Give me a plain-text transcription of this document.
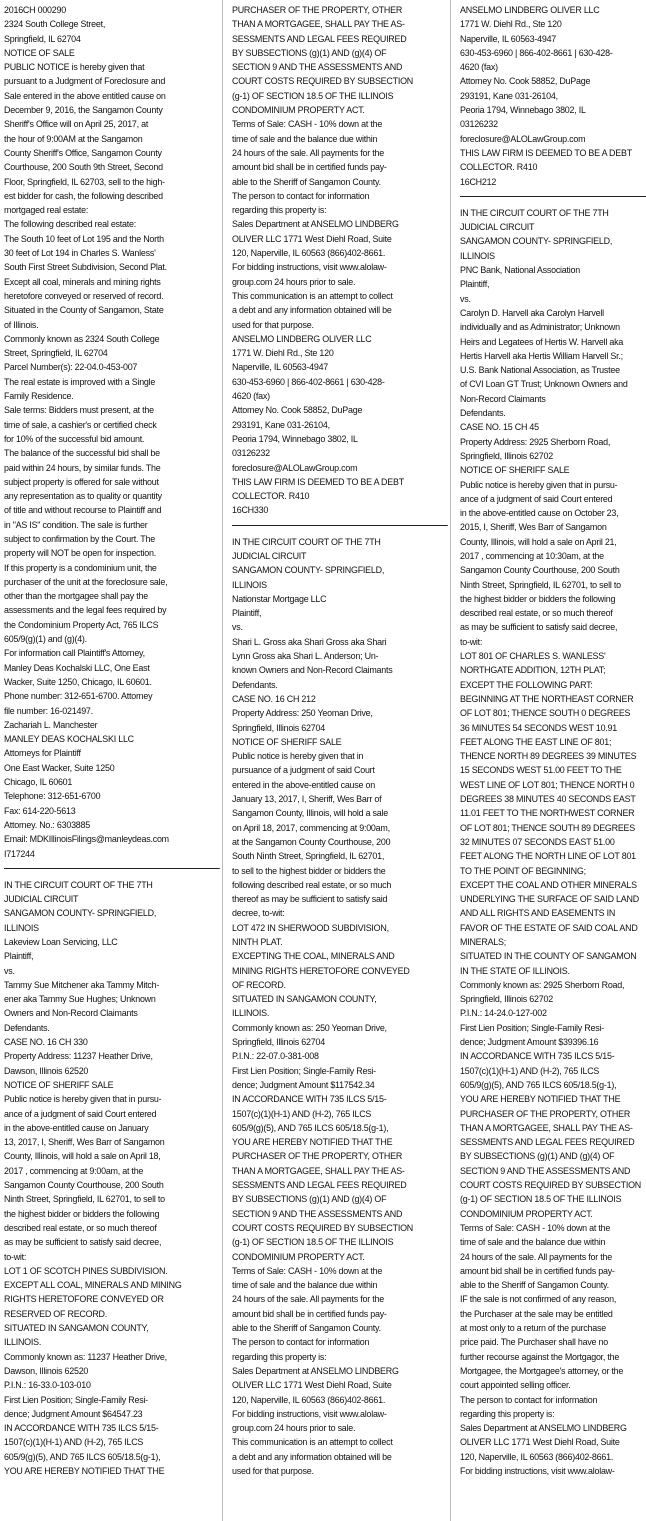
2016CH 000290
2324 South College Street,
Springfield, IL 62704
NOTICE OF SALE
PUBLIC NOTICE is hereby given that
pursuant to a Judgment of Foreclosure and
Sale entered in the above entitled cause on
December 9, 2016, the Sangamon County
Sheriff's Office will on April 25, 2017, at
the hour of 9:00AM at the Sangamon
County Sheriff's Office, Sangamon County
Courthouse, 200 South 9th Street, Second
Floor, Springfield, IL 62703, sell to the high-
est bidder for cash, the following described
mortgaged real estate:
The following described real estate:
The South 10 feet of Lot 195 and the North
30 feet of Lot 194 in Charles S. Wanless'
South First Street Subdivision, Second Plat.
Except all coal, minerals and mining rights
heretofore conveyed or reserved of record.
Situated in the County of Sangamon, State
of Illinois.
Commonly known as 2324 South College
Street, Springfield, IL 62704
Parcel Number(s): 22-04.0-453-007
The real estate is improved with a Single
Family Residence.
Sale terms: Bidders must present, at the
time of sale, a cashier's or certified check
for 10% of the successful bid amount.
The balance of the successful bid shall be
paid within 24 hours, by similar funds. The
subject property is offered for sale without
any representation as to quality or quantity
of title and without recourse to Plaintiff and
in "AS IS" condition. The sale is further
subject to confirmation by the Court. The
property will NOT be open for inspection.
If this property is a condominium unit, the
purchaser of the unit at the foreclosure sale,
other than the mortgagee shall pay the
assessments and the legal fees required by
the Condominium Property Act, 765 ILCS
605/9(g)(1) and (g)(4).
For information call Plaintiff's Attorney,
Manley Deas Kochalski LLC, One East
Wacker, Suite 1250, Chicago, IL 60601.
Phone number: 312-651-6700. Attorney
file number: 16-021497.
Zachariah L. Manchester
MANLEY DEAS KOCHALSKI LLC
Attorneys for Plaintiff
One East Wacker, Suite 1250
Chicago, IL 60601
Telephone: 312-651-6700
Fax: 614-220-5613
Attorney. No.: 6303885
Email: MDKIllinoisFilings@manleydeas.com
I717244
IN THE CIRCUIT COURT OF THE 7TH
JUDICIAL CIRCUIT
SANGAMON COUNTY- SPRINGFIELD,
ILLINOIS
Lakeview Loan Servicing, LLC
Plaintiff,
vs.
Tammy Sue Mitchener aka Tammy Mitch-
ener aka Tammy Sue Hughes; Unknown
Owners and Non-Record Claimants
Defendants.
CASE NO. 16 CH 330
Property Address: 11237 Heather Drive,
Dawson, Illinois 62520
NOTICE OF SHERIFF SALE
Public notice is hereby given that in pursu-
ance of a judgment of said Court entered
in the above-entitled cause on January
13, 2017, I, Sheriff, Wes Barr of Sangamon
County, Illinois, will hold a sale on April 18,
2017 , commencing at 9:00am, at the
Sangamon County Courthouse, 200 South
Ninth Street, Springfield, IL 62701, to sell to
the highest bidder or bidders the following
described real estate, or so much thereof
as may be sufficient to satisfy said decree,
to-wit:
LOT 1 OF SCOTCH PINES SUBDIVISION.
EXCEPT ALL COAL, MINERALS AND MINING
RIGHTS HERETOFORE CONVEYED OR
RESERVED OF RECORD.
SITUATED IN SANGAMON COUNTY,
ILLINOIS.
Commonly known as: 11237 Heather Drive,
Dawson, Illinois 62520
P.I.N.: 16-33.0-103-010
First Lien Position; Single-Family Resi-
dence; Judgment Amount $64547.23
IN ACCORDANCE WITH 735 ILCS 5/15-
1507(c)(1)(H-1) AND (H-2), 765 ILCS
605/9(g)(5), AND 765 ILCS 605/18.5(g-1),
YOU ARE HEREBY NOTIFIED THAT THE
PURCHASER OF THE PROPERTY, OTHER
THAN A MORTGAGEE, SHALL PAY THE AS-
SESSMENTS AND LEGAL FEES REQUIRED
BY SUBSECTIONS (g)(1) AND (g)(4) OF
SECTION 9 AND THE ASSESSMENTS AND
COURT COSTS REQUIRED BY SUBSECTION
(g-1) OF SECTION 18.5 OF THE ILLINOIS
CONDOMINIUM PROPERTY ACT.
Terms of Sale: CASH - 10% down at the
time of sale and the balance due within
24 hours of the sale. All payments for the
amount bid shall be in certified funds pay-
able to the Sheriff of Sangamon County.
The person to contact for information
regarding this property is:
Sales Department at ANSELMO LINDBERG
OLIVER LLC 1771 West Diehl Road, Suite
120, Naperville, IL 60563 (866)402-8661.
For bidding instructions, visit www.alolaw-
group.com 24 hours prior to sale.
This communication is an attempt to collect
a debt and any information obtained will be
used for that purpose.
ANSELMO LINDBERG OLIVER LLC
1771 W. Diehl Rd., Ste 120
Naperville, IL 60563-4947
630-453-6960 | 866-402-8661 | 630-428-
4620 (fax)
Attorney No. Cook 58852, DuPage
293191, Kane 031-26104,
Peoria 1794, Winnebago 3802, IL
03126232
foreclosure@ALOLawGroup.com
THIS LAW FIRM IS DEEMED TO BE A DEBT
COLLECTOR. R410
16CH330
IN THE CIRCUIT COURT OF THE 7TH
JUDICIAL CIRCUIT
SANGAMON COUNTY- SPRINGFIELD,
ILLINOIS
Nationstar Mortgage LLC
Plaintiff,
vs.
Shari L. Gross aka Shari Gross aka Shari
Lynn Gross aka Shari L. Anderson; Un-
known Owners and Non-Record Claimants
Defendants.
CASE NO. 16 CH 212
Property Address: 250 Yeoman Drive,
Springfield, Illinois 62704
NOTICE OF SHERIFF SALE
Public notice is hereby given that in
pursuance of a judgment of said Court
entered in the above-entitled cause on
January 13, 2017, I, Sheriff, Wes Barr of
Sangamon County, Illinois, will hold a sale
on April 18, 2017, commencing at 9:00am,
at the Sangamon County Courthouse, 200
South Ninth Street, Springfield, IL 62701,
to sell to the highest bidder or bidders the
following described real estate, or so much
thereof as may be sufficient to satisfy said
decree, to-wit:
LOT 472 IN SHERWOOD SUBDIVISION,
NINTH PLAT.
EXCEPTING THE COAL, MINERALS AND
MINING RIGHTS HERETOFORE CONVEYED
OF RECORD.
SITUATED IN SANGAMON COUNTY,
ILLINOIS.
Commonly known as: 250 Yeoman Drive,
Springfield, Illinois 62704
P.I.N.: 22-07.0-381-008
First Lien Position; Single-Family Resi-
dence; Judgment Amount $117542.34
IN ACCORDANCE WITH 735 ILCS 5/15-
1507(c)(1)(H-1) AND (H-2), 765 ILCS
605/9(g)(5), AND 765 ILCS 605/18.5(g-1),
YOU ARE HEREBY NOTIFIED THAT THE
PURCHASER OF THE PROPERTY, OTHER
THAN A MORTGAGEE, SHALL PAY THE AS-
SESSMENTS AND LEGAL FEES REQUIRED
BY SUBSECTIONS (g)(1) AND (g)(4) OF
SECTION 9 AND THE ASSESSMENTS AND
COURT COSTS REQUIRED BY SUBSECTION
(g-1) OF SECTION 18.5 OF THE ILLINOIS
CONDOMINIUM PROPERTY ACT.
Terms of Sale: CASH - 10% down at the
time of sale and the balance due within
24 hours of the sale. All payments for the
amount bid shall be in certified funds pay-
able to the Sheriff of Sangamon County.
The person to contact for information
regarding this property is:
Sales Department at ANSELMO LINDBERG
OLIVER LLC 1771 West Diehl Road, Suite
120, Naperville, IL 60563 (866)402-8661.
For bidding instructions, visit www.alolaw-
group.com 24 hours prior to sale.
This communication is an attempt to collect
a debt and any information obtained will be
used for that purpose.
ANSELMO LINDBERG OLIVER LLC
1771 W. Diehl Rd., Ste 120
Naperville, IL 60563-4947
630-453-6960 | 866-402-8661 | 630-428-
4620 (fax)
Attorney No. Cook 58852, DuPage
293191, Kane 031-26104,
Peoria 1794, Winnebago 3802, IL
03126232
foreclosure@ALOLawGroup.com
THIS LAW FIRM IS DEEMED TO BE A DEBT
COLLECTOR. R410
16CH212
IN THE CIRCUIT COURT OF THE 7TH
JUDICIAL CIRCUIT
SANGAMON COUNTY- SPRINGFIELD,
ILLINOIS
PNC Bank, National Association
Plaintiff,
vs.
Carolyn D. Harvell aka Carolyn Harvell
individually and as Administrator; Unknown
Heirs and Legatees of Hertis W. Harvell aka
Hertis Harvell aka Hertis William Harvell Sr.;
U.S. Bank National Association, as Trustee
of CVI Loan GT Trust; Unknown Owners and
Non-Record Claimants
Defendants.
CASE NO. 15 CH 45
Property Address: 2925 Sherborn Road,
Springfield, Illinois 62702
NOTICE OF SHERIFF SALE
Public notice is hereby given that in pursu-
ance of a judgment of said Court entered
in the above-entitled cause on October 23,
2015, I, Sheriff, Wes Barr of Sangamon
County, Illinois, will hold a sale on April 21,
2017 , commencing at 10:30am, at the
Sangamon County Courthouse, 200 South
Ninth Street, Springfield, IL 62701, to sell to
the highest bidder or bidders the following
described real estate, or so much thereof
as may be sufficient to satisfy said decree,
to-wit:
LOT 801 OF CHARLES S. WANLESS'
NORTHGATE ADDITION, 12TH PLAT;
EXCEPT THE FOLLOWING PART:
BEGINNING AT THE NORTHEAST CORNER
OF LOT 801; THENCE SOUTH 0 DEGREES
36 MINUTES 54 SECONDS WEST 10.91
FEET ALONG THE EAST LINE OF 801;
THENCE NORTH 89 DEGREES 39 MINUTES
15 SECONDS WEST 51.00 FEET TO THE
WEST LINE OF LOT 801; THENCE NORTH 0
DEGREES 38 MINUTES 40 SECONDS EAST
11.01 FEET TO THE NORTHWEST CORNER
OF LOT 801; THENCE SOUTH 89 DEGREES
32 MINUTES 07 SECONDS EAST 51.00
FEET ALONG THE NORTH LINE OF LOT 801
TO THE POINT OF BEGINNING;
EXCEPT THE COAL AND OTHER MINERALS
UNDERLYING THE SURFACE OF SAID LAND
AND ALL RIGHTS AND EASEMENTS IN
FAVOR OF THE ESTATE OF SAID COAL AND
MINERALS;
SITUATED IN THE COUNTY OF SANGAMON
IN THE STATE OF ILLINOIS.
Commonly known as: 2925 Sherborn Road,
Springfield, Illinois 62702
P.I.N.: 14-24.0-127-002
First Lien Position; Single-Family Resi-
dence; Judgment Amount $39396.16
IN ACCORDANCE WITH 735 ILCS 5/15-
1507(c)(1)(H-1) AND (H-2), 765 ILCS
605/9(g)(5), AND 765 ILCS 605/18.5(g-1),
YOU ARE HEREBY NOTIFIED THAT THE
PURCHASER OF THE PROPERTY, OTHER
THAN A MORTGAGEE, SHALL PAY THE AS-
SESSMENTS AND LEGAL FEES REQUIRED
BY SUBSECTIONS (g)(1) AND (g)(4) OF
SECTION 9 AND THE ASSESSMENTS AND
COURT COSTS REQUIRED BY SUBSECTION
(g-1) OF SECTION 18.5 OF THE ILLINOIS
CONDOMINIUM PROPERTY ACT.
Terms of Sale: CASH - 10% down at the
time of sale and the balance due within
24 hours of the sale. All payments for the
amount bid shall be in certified funds pay-
able to the Sheriff of Sangamon County.
IF the sale is not confirmed of any reason,
the Purchaser at the sale may be entitled
at most only to a return of the purchase
price paid. The Purchaser shall have no
further recourse against the Mortgagor, the
Mortgagee, the Mortgagee's attorney, or the
court appointed selling officer.
The person to contact for information
regarding this property is:
Sales Department at ANSELMO LINDBERG
OLIVER LLC 1771 West Diehl Road, Suite
120, Naperville, IL 60563 (866)402-8661.
For bidding instructions, visit www.alolaw-
